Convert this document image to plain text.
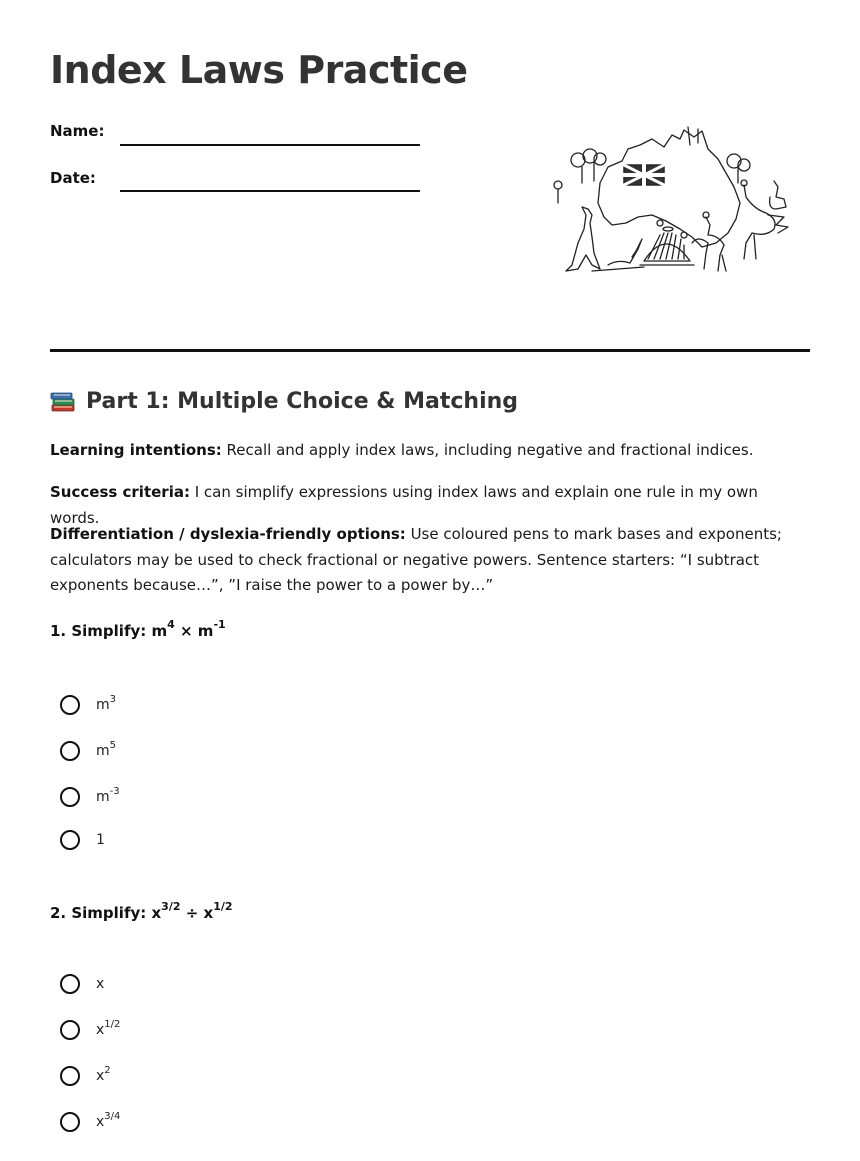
Index Laws Practice
Name:
Date:
Part 1: Multiple Choice & Matching

Learning intentions: Recall and apply index laws, including negative and fractional indices.

Success criteria: I can simplify expressions using index laws and explain one rule in my own words.

Differentiation / dyslexia-friendly options: Use coloured pens to mark bases and exponents; calculators may be used to check fractional or negative powers. Sentence starters: “I subtract exponents because…”, ”I raise the power to a power by…”

1. Simplify: $m^4 \times m^{-1}$

$m^3$
$m^5$
$m^{-3}$
1

2. Simplify: $x^{3/2} \div x^{1/2}$

x
$x^{1/2}$
$x^2$
$x^{3/4}$
